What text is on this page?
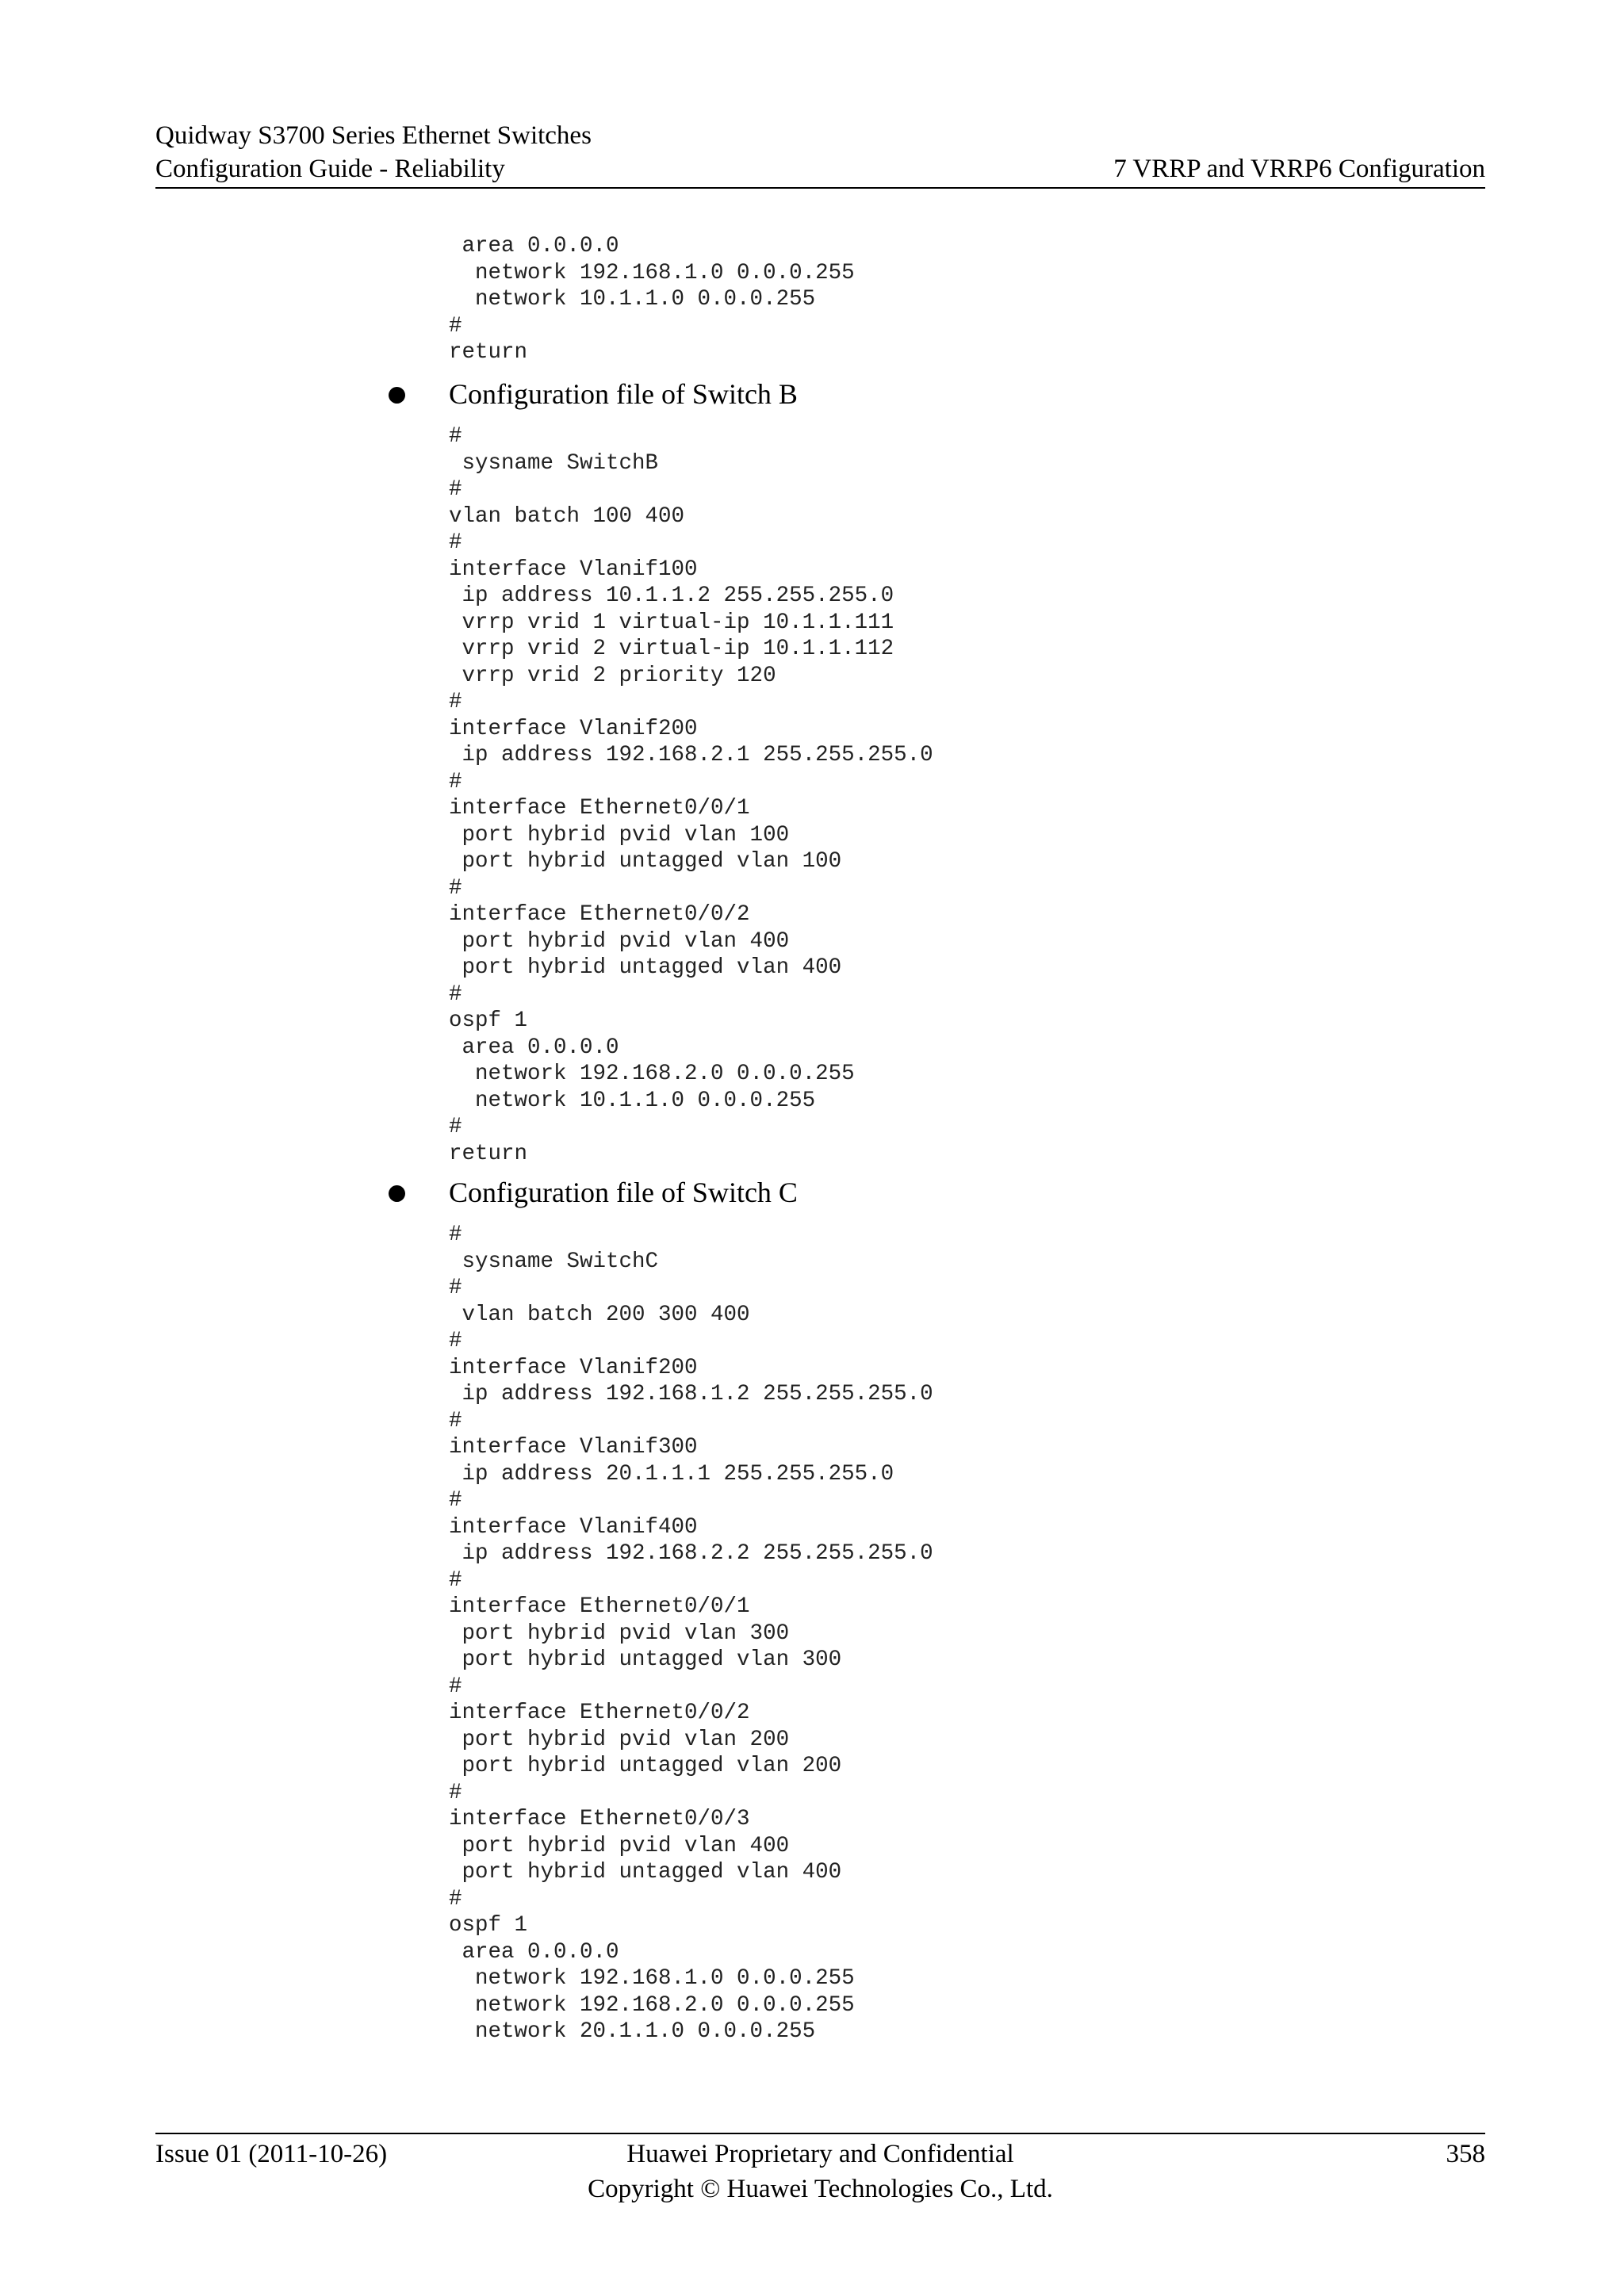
Quidway S3700 Series Ethernet Switches
Configuration Guide - Reliability	7 VRRP and VRRP6 Configuration
area 0.0.0.0
network 192.168.1.0 0.0.0.255
network 10.1.1.0 0.0.0.255
#
return
Configuration file of Switch B
#
sysname SwitchB
#
vlan batch 100 400
#
interface Vlanif100
ip address 10.1.1.2 255.255.255.0
vrrp vrid 1 virtual-ip 10.1.1.111
vrrp vrid 2 virtual-ip 10.1.1.112
vrrp vrid 2 priority 120
#
interface Vlanif200
ip address 192.168.2.1 255.255.255.0
#
interface Ethernet0/0/1
port hybrid pvid vlan 100
port hybrid untagged vlan 100
#
interface Ethernet0/0/2
port hybrid pvid vlan 400
port hybrid untagged vlan 400
#
ospf 1
area 0.0.0.0
network 192.168.2.0 0.0.0.255
network 10.1.1.0 0.0.0.255
#
return
Configuration file of Switch C
#
sysname SwitchC
#
vlan batch 200 300 400
#
interface Vlanif200
ip address 192.168.1.2 255.255.255.0
#
interface Vlanif300
ip address 20.1.1.1 255.255.255.0
#
interface Vlanif400
ip address 192.168.2.2 255.255.255.0
#
interface Ethernet0/0/1
port hybrid pvid vlan 300
port hybrid untagged vlan 300
#
interface Ethernet0/0/2
port hybrid pvid vlan 200
port hybrid untagged vlan 200
#
interface Ethernet0/0/3
port hybrid pvid vlan 400
port hybrid untagged vlan 400
#
ospf 1
area 0.0.0.0
network 192.168.1.0 0.0.0.255
network 192.168.2.0 0.0.0.255
network 20.1.1.0 0.0.0.255
Issue 01 (2011-10-26)	Huawei Proprietary and Confidential	358
Copyright © Huawei Technologies Co., Ltd.
